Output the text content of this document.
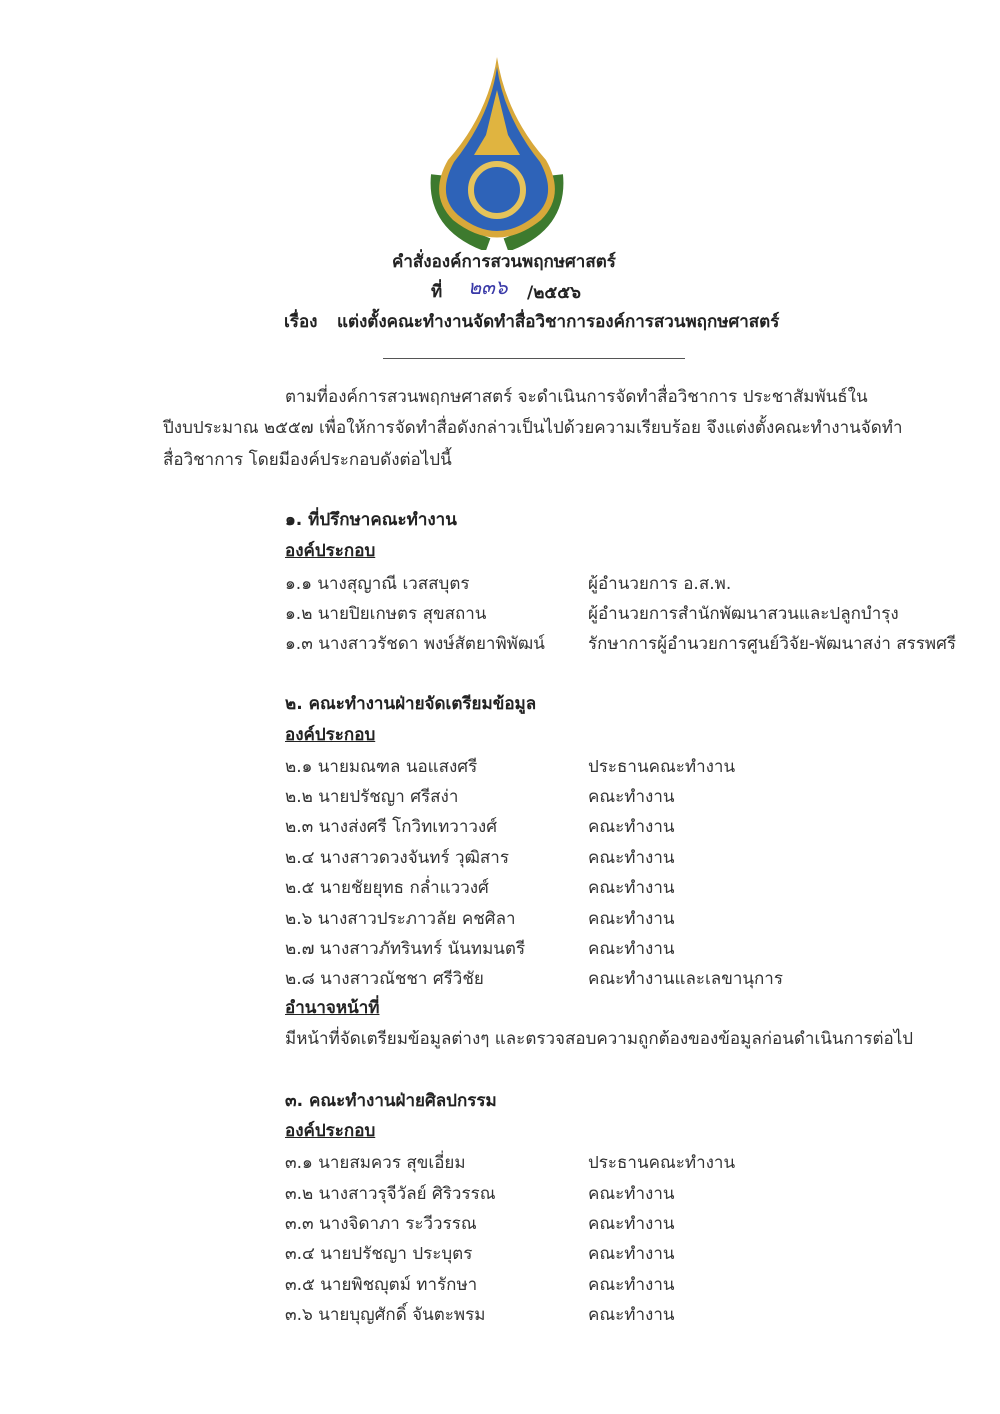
คำสั่งองค์การสวนพฤกษศาสตร์
ที่ ๒๓๖ /๒๕๕๖
เรื่อง แต่งตั้งคณะทำงานจัดทำสื่อวิชาการองค์การสวนพฤกษศาสตร์
ตามที่องค์การสวนพฤกษศาสตร์ จะดำเนินการจัดทำสื่อวิชาการ ประชาสัมพันธ์ใน
ปีงบประมาณ ๒๕๕๗ เพื่อให้การจัดทำสื่อดังกล่าวเป็นไปด้วยความเรียบร้อย จึงแต่งตั้งคณะทำงานจัดทำ
สื่อวิชาการ โดยมีองค์ประกอบดังต่อไปนี้
๑. ที่ปรึกษาคณะทำงาน
องค์ประกอบ
๑.๑ นางสุญาณี เวสสบุตร	ผู้อำนวยการ อ.ส.พ.
๑.๒ นายปิยเกษตร สุขสถาน	ผู้อำนวยการสำนักพัฒนาสวนและปลูกบำรุง
๑.๓ นางสาวรัชดา พงษ์สัตยาพิพัฒน์	รักษาการผู้อำนวยการศูนย์วิจัย-พัฒนาสง่า สรรพศรี
๒. คณะทำงานฝ่ายจัดเตรียมข้อมูล
องค์ประกอบ
๒.๑ นายมณฑล นอแสงศรี	ประธานคณะทำงาน
๒.๒ นายปรัชญา ศรีสง่า	คณะทำงาน
๒.๓ นางส่งศรี โกวิทเทวาวงศ์	คณะทำงาน
๒.๔ นางสาวดวงจันทร์ วุฒิสาร	คณะทำงาน
๒.๕ นายชัยยุทธ กล่ำแววงศ์	คณะทำงาน
๒.๖ นางสาวประภาวลัย คชศิลา	คณะทำงาน
๒.๗ นางสาวภัทรินทร์ นันทมนตรี	คณะทำงาน
๒.๘ นางสาวณัชชา ศรีวิชัย	คณะทำงานและเลขานุการ
อำนาจหน้าที่
มีหน้าที่จัดเตรียมข้อมูลต่างๆ และตรวจสอบความถูกต้องของข้อมูลก่อนดำเนินการต่อไป
๓. คณะทำงานฝ่ายศิลปกรรม
องค์ประกอบ
๓.๑ นายสมควร สุขเอี่ยม	ประธานคณะทำงาน
๓.๒ นางสาวรุจีวัลย์ ศิริวรรณ	คณะทำงาน
๓.๓ นางจิดาภา ระวีวรรณ	คณะทำงาน
๓.๔ นายปรัชญา ประบุตร	คณะทำงาน
๓.๕ นายพิชญุตม์ ทารักษา	คณะทำงาน
๓.๖ นายบุญศักดิ์ จันตะพรม	คณะทำงาน
